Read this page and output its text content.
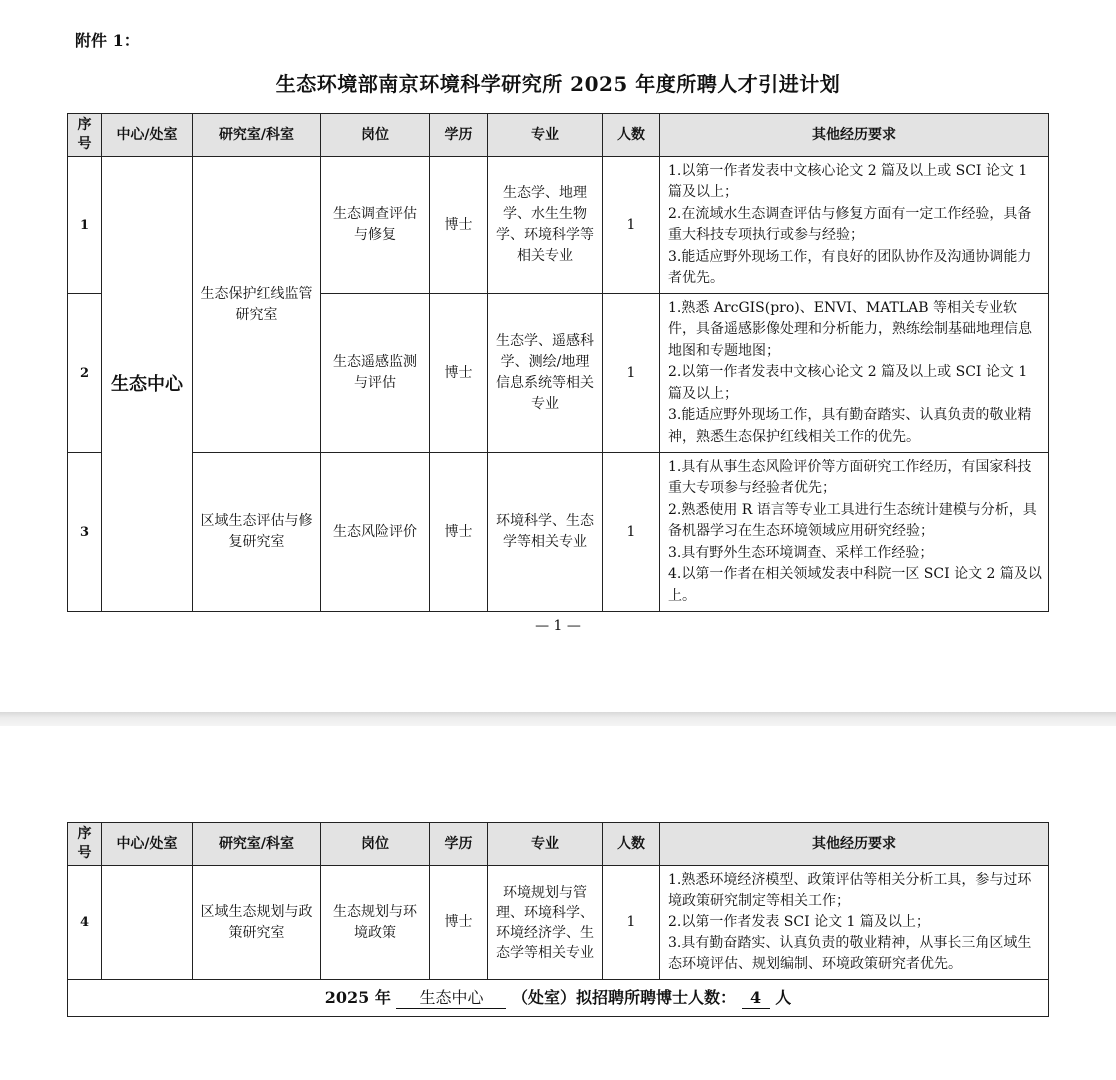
附件 1：
生态环境部南京环境科学研究所 2025 年度所聘人才引进计划
序号	中心/处室	研究室/科室	岗位	学历	专业	人数	其他经历要求
1	生态中心	生态保护红线监管研究室	生态调查评估与修复	博士	生态学、地理学、水生生物学、环境科学等相关专业	1	1.以第一作者发表中文核心论文 2 篇及以上或 SCI 论文 1 篇及以上；
2.在流域水生态调查评估与修复方面有一定工作经验，具备重大科技专项执行或参与经验；
3.能适应野外现场工作，有良好的团队协作及沟通协调能力者优先。

2			生态遥感监测与评估	博士	生态学、遥感科学、测绘/地理信息系统等相关专业	1	1.熟悉 ArcGIS(pro)、ENVI、MATLAB 等相关专业软件，具备遥感影像处理和分析能力，熟练绘制基础地理信息地图和专题地图；
2.以第一作者发表中文核心论文 2 篇及以上或 SCI 论文 1 篇及以上；
3.能适应野外现场工作，具有勤奋踏实、认真负责的敬业精神，熟悉生态保护红线相关工作的优先。

3		区域生态评估与修复研究室	生态风险评价	博士	环境科学、生态学等相关专业	1	1.具有从事生态风险评价等方面研究工作经历，有国家科技重大专项参与经验者优先；
2.熟悉使用 R 语言等专业工具进行生态统计建模与分析，具备机器学习在生态环境领域应用研究经验；
3.具有野外生态环境调查、采样工作经验；
4.以第一作者在相关领域发表中科院一区 SCI 论文 2 篇及以上。
— 1 —
序号	中心/处室	研究室/科室	岗位	学历	专业	人数	其他经历要求
4		区域生态规划与政策研究室	生态规划与环境政策	博士	环境规划与管理、环境科学、环境经济学、生态学等相关专业	1	1.熟悉环境经济模型、政策评估等相关分析工具，参与过环境政策研究制定等相关工作；
2.以第一作者发表 SCI 论文 1 篇及以上；
3.具有勤奋踏实、认真负责的敬业精神，从事长三角区域生态环境评估、规划编制、环境政策研究者优先。

2025 年 生态中心 （处室）拟招聘所聘博士人数： 4 人							
